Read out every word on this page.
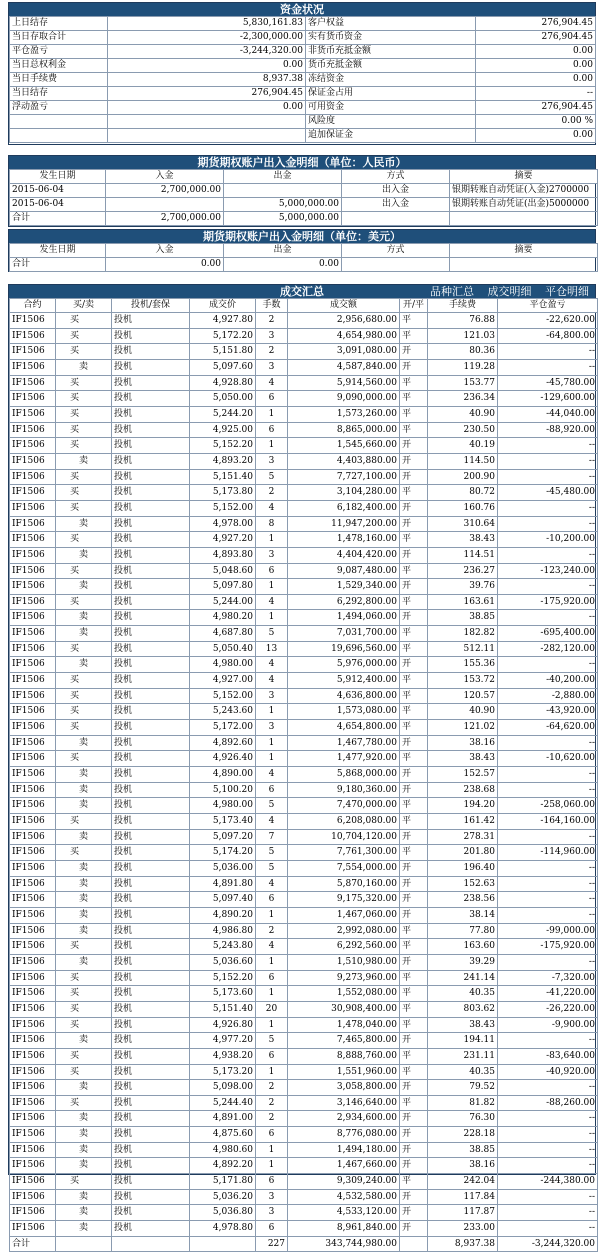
资金状况
上日结存	5,830,161.83	客户权益	276,904.45
当日存取合计	-2,300,000.00	实有货币资金	276,904.45
平仓盈亏	-3,244,320.00	非货币充抵金额	0.00
当日总权利金	0.00	货币充抵金额	0.00
当日手续费	8,937.38	冻结资金	0.00
当日结存	276,904.45	保证金占用	--
浮动盈亏	0.00	可用资金	276,904.45
		风险度	0.00 %
		追加保证金	0.00
期货期权账户出入金明细（单位：人民币）
发生日期	入金	出金	方式	摘要
2015-06-04	2,700,000.00		出入金	银期转账自动凭证(入金)2700000
2015-06-04		5,000,000.00	出入金	银期转账自动凭证(出金)5000000
合计	2,700,000.00	5,000,000.00		
期货期权账户出入金明细（单位：美元）
发生日期	入金	出金	方式	摘要
合计	0.00	0.00		
成交汇总	品种汇总 成交明细 平仓明细
合约	买/卖	投机/套保	成交价	手数	成交额	开/平	手续费	平仓盈亏
IF1506	买	投机	4,927.80	2	2,956,680.00	平	76.88	-22,620.00
IF1506	买	投机	5,172.20	3	4,654,980.00	平	121.03	-64,800.00
IF1506	买	投机	5,151.80	2	3,091,080.00	开	80.36	--
IF1506	卖	投机	5,097.60	3	4,587,840.00	开	119.28	--
IF1506	买	投机	4,928.80	4	5,914,560.00	平	153.77	-45,780.00
IF1506	买	投机	5,050.00	6	9,090,000.00	平	236.34	-129,600.00
IF1506	买	投机	5,244.20	1	1,573,260.00	平	40.90	-44,040.00
IF1506	买	投机	4,925.00	6	8,865,000.00	平	230.50	-88,920.00
IF1506	买	投机	5,152.20	1	1,545,660.00	开	40.19	--
IF1506	卖	投机	4,893.20	3	4,403,880.00	开	114.50	--
IF1506	买	投机	5,151.40	5	7,727,100.00	开	200.90	--
IF1506	买	投机	5,173.80	2	3,104,280.00	平	80.72	-45,480.00
IF1506	买	投机	5,152.00	4	6,182,400.00	开	160.76	--
IF1506	卖	投机	4,978.00	8	11,947,200.00	开	310.64	--
IF1506	买	投机	4,927.20	1	1,478,160.00	平	38.43	-10,200.00
IF1506	卖	投机	4,893.80	3	4,404,420.00	开	114.51	--
IF1506	买	投机	5,048.60	6	9,087,480.00	平	236.27	-123,240.00
IF1506	卖	投机	5,097.80	1	1,529,340.00	开	39.76	--
IF1506	买	投机	5,244.00	4	6,292,800.00	平	163.61	-175,920.00
IF1506	卖	投机	4,980.20	1	1,494,060.00	开	38.85	--
IF1506	卖	投机	4,687.80	5	7,031,700.00	平	182.82	-695,400.00
IF1506	买	投机	5,050.40	13	19,696,560.00	平	512.11	-282,120.00
IF1506	卖	投机	4,980.00	4	5,976,000.00	开	155.36	--
IF1506	买	投机	4,927.00	4	5,912,400.00	平	153.72	-40,200.00
IF1506	买	投机	5,152.00	3	4,636,800.00	平	120.57	-2,880.00
IF1506	买	投机	5,243.60	1	1,573,080.00	平	40.90	-43,920.00
IF1506	买	投机	5,172.00	3	4,654,800.00	平	121.02	-64,620.00
IF1506	卖	投机	4,892.60	1	1,467,780.00	开	38.16	--
IF1506	买	投机	4,926.40	1	1,477,920.00	平	38.43	-10,620.00
IF1506	卖	投机	4,890.00	4	5,868,000.00	开	152.57	--
IF1506	卖	投机	5,100.20	6	9,180,360.00	开	238.68	--
IF1506	卖	投机	4,980.00	5	7,470,000.00	平	194.20	-258,060.00
IF1506	买	投机	5,173.40	4	6,208,080.00	平	161.42	-164,160.00
IF1506	卖	投机	5,097.20	7	10,704,120.00	开	278.31	--
IF1506	买	投机	5,174.20	5	7,761,300.00	平	201.80	-114,960.00
IF1506	卖	投机	5,036.00	5	7,554,000.00	开	196.40	--
IF1506	卖	投机	4,891.80	4	5,870,160.00	开	152.63	--
IF1506	卖	投机	5,097.40	6	9,175,320.00	开	238.56	--
IF1506	卖	投机	4,890.20	1	1,467,060.00	开	38.14	--
IF1506	卖	投机	4,986.80	2	2,992,080.00	平	77.80	-99,000.00
IF1506	买	投机	5,243.80	4	6,292,560.00	平	163.60	-175,920.00
IF1506	卖	投机	5,036.60	1	1,510,980.00	开	39.29	--
IF1506	买	投机	5,152.20	6	9,273,960.00	平	241.14	-7,320.00
IF1506	买	投机	5,173.60	1	1,552,080.00	平	40.35	-41,220.00
IF1506	买	投机	5,151.40	20	30,908,400.00	平	803.62	-26,220.00
IF1506	买	投机	4,926.80	1	1,478,040.00	平	38.43	-9,900.00
IF1506	卖	投机	4,977.20	5	7,465,800.00	开	194.11	--
IF1506	买	投机	4,938.20	6	8,888,760.00	平	231.11	-83,640.00
IF1506	买	投机	5,173.20	1	1,551,960.00	平	40.35	-40,920.00
IF1506	卖	投机	5,098.00	2	3,058,800.00	开	79.52	--
IF1506	买	投机	5,244.40	2	3,146,640.00	平	81.82	-88,260.00
IF1506	卖	投机	4,891.00	2	2,934,600.00	开	76.30	--
IF1506	卖	投机	4,875.60	6	8,776,080.00	开	228.18	--
IF1506	卖	投机	4,980.60	1	1,494,180.00	开	38.85	--
IF1506	卖	投机	4,892.20	1	1,467,660.00	开	38.16	--
IF1506	买	投机	5,171.80	6	9,309,240.00	平	242.04	-244,380.00
IF1506	卖	投机	5,036.20	3	4,532,580.00	开	117.84	--
IF1506	卖	投机	5,036.80	3	4,533,120.00	开	117.87	--
IF1506	卖	投机	4,978.80	6	8,961,840.00	开	233.00	--
合计				227	343,744,980.00		8,937.38	-3,244,320.00
